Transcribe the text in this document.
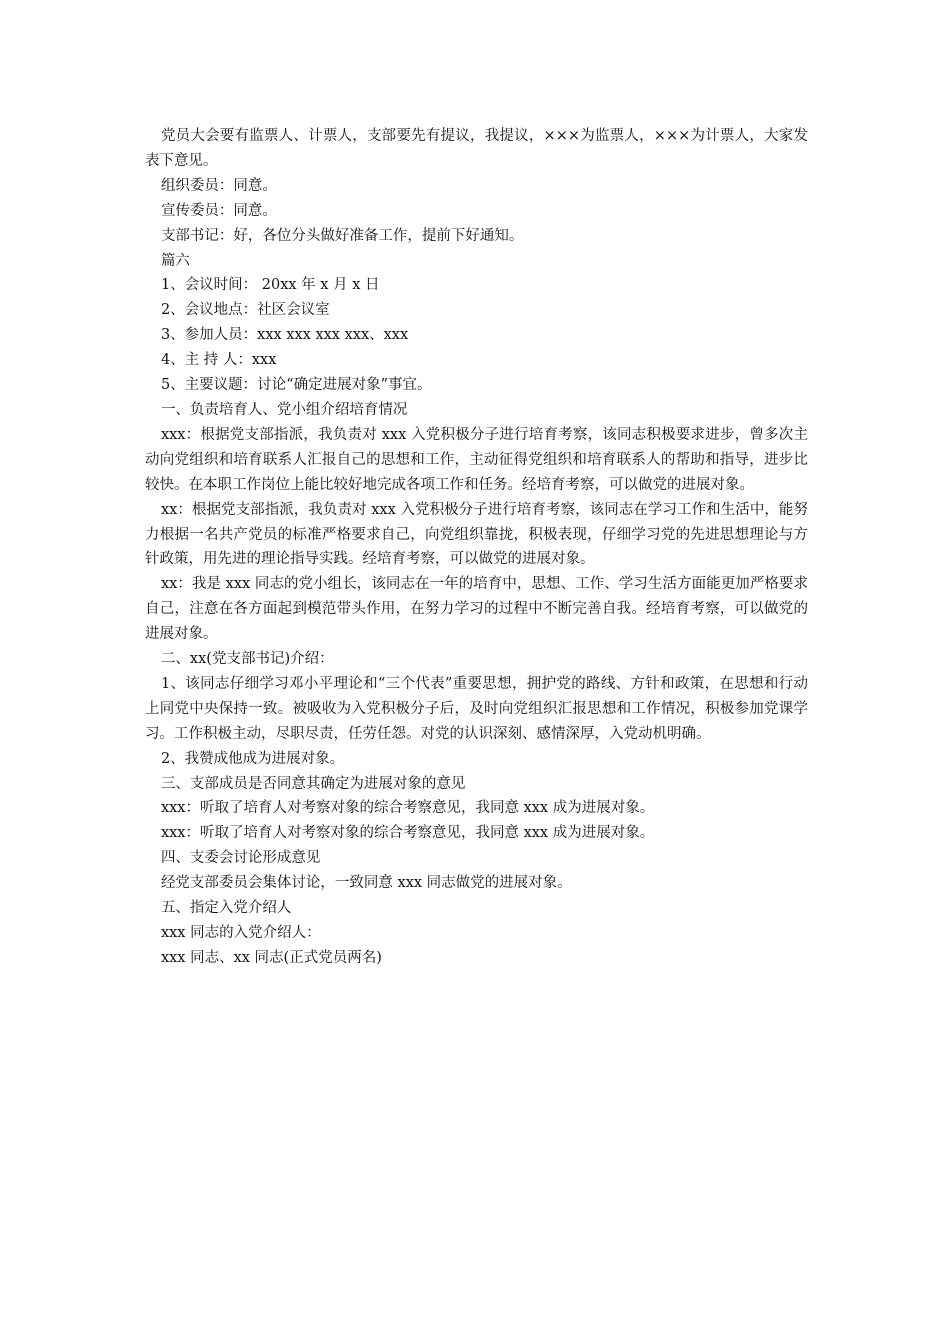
党员大会要有监票人、计票人，支部要先有提议，我提议，×××为监票人，×××为计票人，大家发表下意见。

组织委员：同意。

宣传委员：同意。

支部书记：好，各位分头做好准备工作，提前下好通知。

篇六

1、会议时间： 20xx 年 x 月 x 日

2、会议地点：社区会议室

3、参加人员：xxx xxx xxx xxx、xxx

4、主 持 人：xxx

5、主要议题：讨论“确定进展对象”事宜。

一、负责培育人、党小组介绍培育情况

xxx：根据党支部指派，我负责对 xxx 入党积极分子进行培育考察，该同志积极要求进步，曾多次主动向党组织和培育联系人汇报自己的思想和工作，主动征得党组织和培育联系人的帮助和指导，进步比较快。在本职工作岗位上能比较好地完成各项工作和任务。经培育考察，可以做党的进展对象。

xx：根据党支部指派，我负责对 xxx 入党积极分子进行培育考察，该同志在学习工作和生活中，能努力根据一名共产党员的标准严格要求自己，向党组织靠拢，积极表现，仔细学习党的先进思想理论与方针政策，用先进的理论指导实践。经培育考察，可以做党的进展对象。

xx：我是 xxx 同志的党小组长，该同志在一年的培育中，思想、工作、学习生活方面能更加严格要求自己，注意在各方面起到模范带头作用，在努力学习的过程中不断完善自我。经培育考察，可以做党的进展对象。

二、xx(党支部书记)介绍：

1、该同志仔细学习邓小平理论和“三个代表”重要思想，拥护党的路线、方针和政策，在思想和行动上同党中央保持一致。被吸收为入党积极分子后，及时向党组织汇报思想和工作情况，积极参加党课学习。工作积极主动，尽职尽责，任劳任怨。对党的认识深刻、感情深厚，入党动机明确。

2、我赞成他成为进展对象。

三、支部成员是否同意其确定为进展对象的意见

xxx：听取了培育人对考察对象的综合考察意见，我同意 xxx 成为进展对象。

xxx：听取了培育人对考察对象的综合考察意见，我同意 xxx 成为进展对象。

四、支委会讨论形成意见

经党支部委员会集体讨论，一致同意 xxx 同志做党的进展对象。

五、指定入党介绍人

xxx 同志的入党介绍人：

xxx 同志、xx 同志(正式党员两名)
